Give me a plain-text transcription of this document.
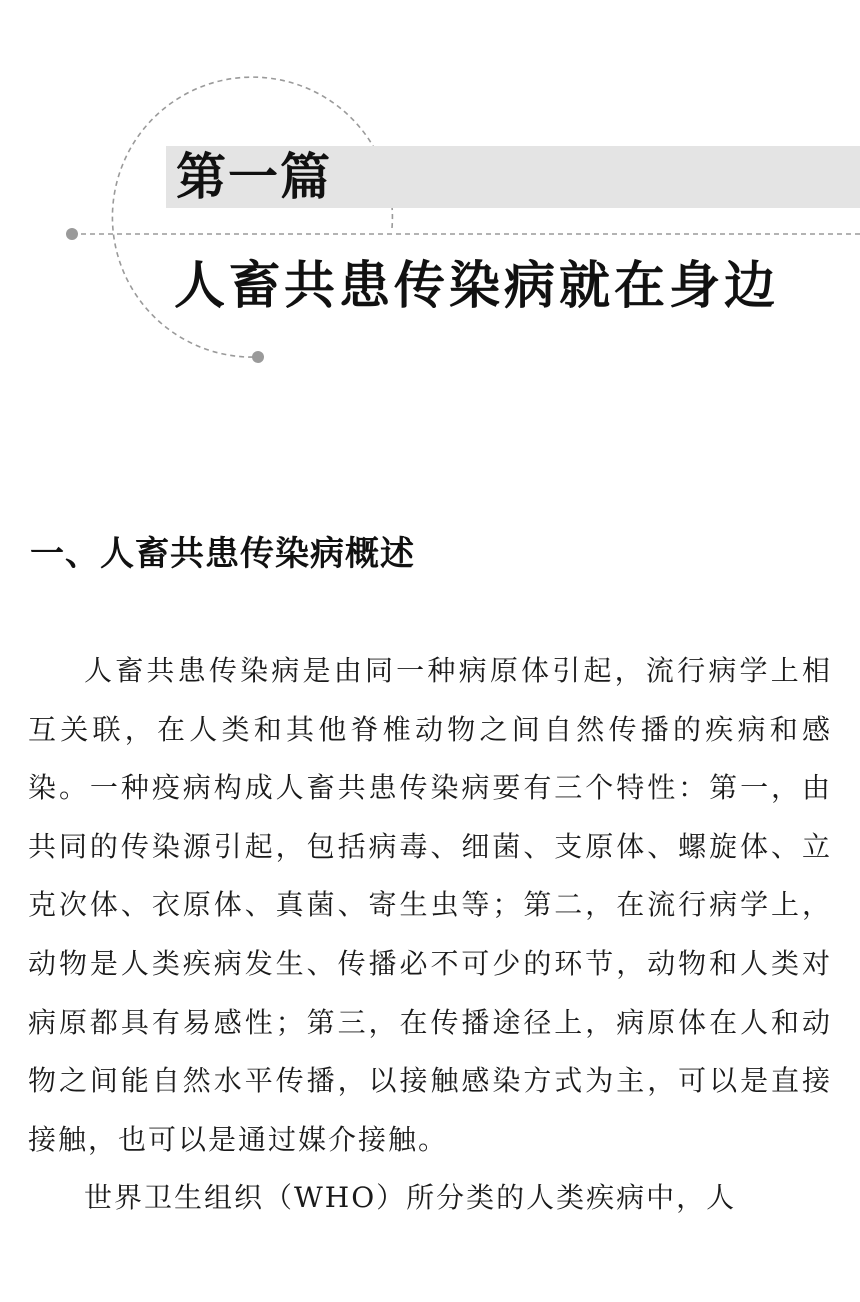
第一篇
人畜共患传染病就在身边
一、人畜共患传染病概述

人畜共患传染病是由同一种病原体引起，流行病学上相互关联，在人类和其他脊椎动物之间自然传播的疾病和感染。一种疫病构成人畜共患传染病要有三个特性：第一，由共同的传染源引起，包括病毒、细菌、支原体、螺旋体、立克次体、衣原体、真菌、寄生虫等；第二，在流行病学上，动物是人类疾病发生、传播必不可少的环节，动物和人类对病原都具有易感性；第三，在传播途径上，病原体在人和动物之间能自然水平传播，以接触感染方式为主，可以是直接接触，也可以是通过媒介接触。

世界卫生组织（WHO）所分类的人类疾病中，人
